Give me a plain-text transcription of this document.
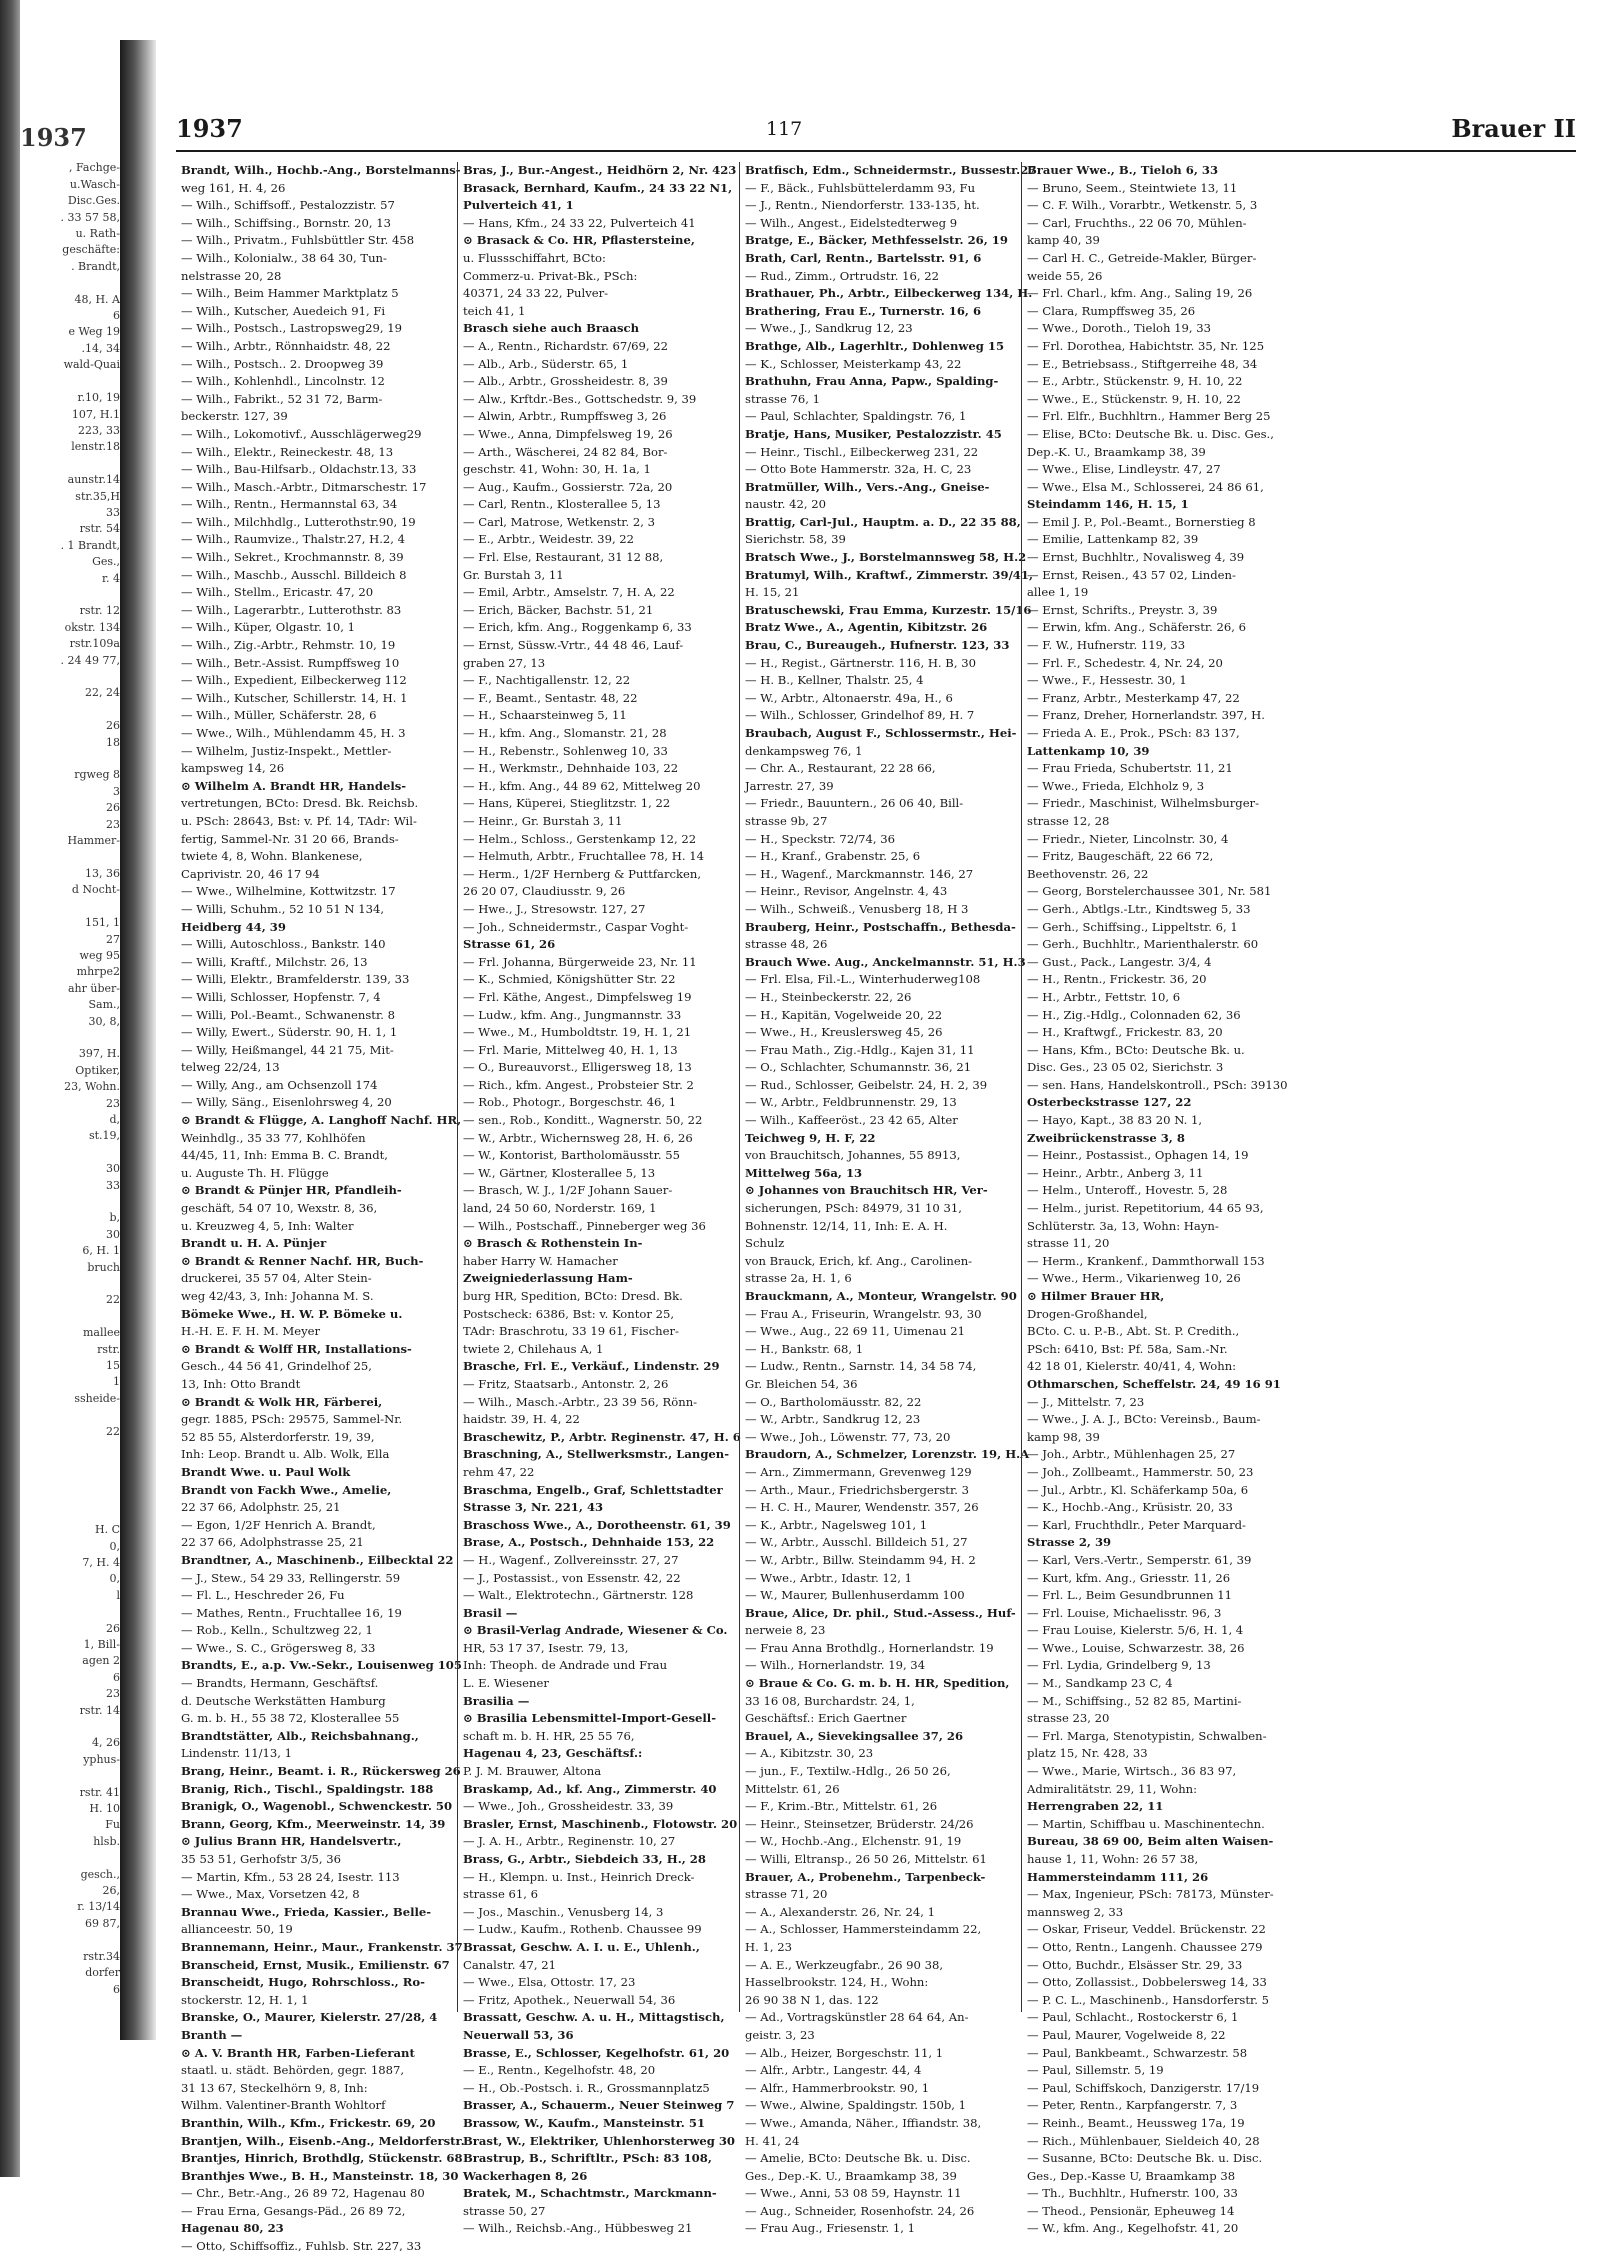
1937
, Fachge-
u.Wasch-
Disc.Ges.
. 33 57 58,
u. Rath-
geschäfte:
. Brandt,

48, H. A
6
e Weg 19
.14, 34
wald-Quai

r.10, 19
107, H.1
223, 33
lenstr.18

aunstr.14
str.35,H
33
rstr. 54
. 1 Brandt,
Ges.,
r. 4

rstr. 12
okstr. 134
rstr.109a
. 24 49 77,

22, 24

26
18

rgweg 8
3
26
23
Hammer-

13, 36
d Nocht-

151, 1
27
weg 95
mhrpe2
ahr über-
Sam.,
30, 8,

397, H.
Optiker,
23, Wohn.
23
d,
st.19,

30
33

b,
30
6, H. 1
bruch

22

mallee
rstr.
15
1
ssheide-

22

H. C
0,
7, H. 4
0,
l

26
1, Bill-
agen 2
6
23
rstr. 14

4, 26
yphus-

rstr. 41
H. 10
Fu
hlsb.

gesch.,
26,
r. 13/14
69 87,

rstr.34
dorfer
6
1937	117	Brauer II
Brandt, Wilh., Hochb.-Ang., Borstelmanns-
weg 161, H. 4, 26
— Wilh., Schiffsoff., Pestalozzistr. 57
— Wilh., Schiffsing., Bornstr. 20, 13
— Wilh., Privatm., Fuhlsbüttler Str. 458
— Wilh., Kolonialw., 38 64 30, Tun-
nelstrasse 20, 28
— Wilh., Beim Hammer Marktplatz 5
— Wilh., Kutscher, Auedeich 91, Fi
— Wilh., Postsch., Lastropsweg29, 19
— Wilh., Arbtr., Rönnhaidstr. 48, 22
— Wilh., Postsch.. 2. Droopweg 39
— Wilh., Kohlenhdl., Lincolnstr. 12
— Wilh., Fabrikt., 52 31 72, Barm-
beckerstr. 127, 39
— Wilh., Lokomotivf., Ausschlägerweg29
— Wilh., Elektr., Reineckestr. 48, 13
— Wilh., Bau-Hilfsarb., Oldachstr.13, 33
— Wilh., Masch.-Arbtr., Ditmarschestr. 17
— Wilh., Rentn., Hermannstal 63, 34
— Wilh., Milchhdlg., Lutterothstr.90, 19
— Wilh., Raumvize., Thalstr.27, H.2, 4
— Wilh., Sekret., Krochmannstr. 8, 39
— Wilh., Maschb., Ausschl. Billdeich 8
— Wilh., Stellm., Ericastr. 47, 20
— Wilh., Lagerarbtr., Lutterothstr. 83
— Wilh., Küper, Olgastr. 10, 1
— Wilh., Zig.-Arbtr., Rehmstr. 10, 19
— Wilh., Betr.-Assist. Rumpffsweg 10
— Wilh., Expedient, Eilbeckerweg 112
— Wilh., Kutscher, Schillerstr. 14, H. 1
— Wilh., Müller, Schäferstr. 28, 6
— Wwe., Wilh., Mühlendamm 45, H. 3
— Wilhelm, Justiz-Inspekt., Mettler-
kampsweg 14, 26
⊙ Wilhelm A. Brandt HR, Handels-
vertretungen, BCto: Dresd. Bk. Reichsb.
u. PSch: 28643, Bst: v. Pf. 14, TAdr: Wil-
fertig, Sammel-Nr. 31 20 66, Brands-
twiete 4, 8, Wohn. Blankenese,
Caprivistr. 20, 46 17 94
— Wwe., Wilhelmine, Kottwitzstr. 17
— Willi, Schuhm., 52 10 51 N 134,
Heidberg 44, 39
— Willi, Autoschloss., Bankstr. 140
— Willi, Kraftf., Milchstr. 26, 13
— Willi, Elektr., Bramfelderstr. 139, 33
— Willi, Schlosser, Hopfenstr. 7, 4
— Willi, Pol.-Beamt., Schwanenstr. 8
— Willy, Ewert., Süderstr. 90, H. 1, 1
— Willy, Heißmangel, 44 21 75, Mit-
telweg 22/24, 13
— Willy, Ang., am Ochsenzoll 174
— Willy, Säng., Eisenlohrsweg 4, 20
⊙ Brandt & Flügge, A. Langhoff Nachf. HR,
Weinhdlg., 35 33 77, Kohlhöfen
44/45, 11, Inh: Emma B. C. Brandt,
u. Auguste Th. H. Flügge
⊙ Brandt & Pünjer HR, Pfandleih-
geschäft, 54 07 10, Wexstr. 8, 36,
u. Kreuzweg 4, 5, Inh: Walter
Brandt u. H. A. Pünjer
⊙ Brandt & Renner Nachf. HR, Buch-
druckerei, 35 57 04, Alter Stein-
weg 42/43, 3, Inh: Johanna M. S.
Bömeke Wwe., H. W. P. Bömeke u.
H.-H. E. F. H. M. Meyer
⊙ Brandt & Wolff HR, Installations-
Gesch., 44 56 41, Grindelhof 25,
13, Inh: Otto Brandt
⊙ Brandt & Wolk HR, Färberei,
gegr. 1885, PSch: 29575, Sammel-Nr.
52 85 55, Alsterdorferstr. 19, 39,
Inh: Leop. Brandt u. Alb. Wolk, Ella
Brandt Wwe. u. Paul Wolk
Brandt von Fackh Wwe., Amelie,
22 37 66, Adolphstr. 25, 21
— Egon, 1/2F Henrich A. Brandt,
22 37 66, Adolphstrasse 25, 21
Brandtner, A., Maschinenb., Eilbecktal 22
— J., Stew., 54 29 33, Rellingerstr. 59
— Fl. L., Heschreder 26, Fu
— Mathes, Rentn., Fruchtallee 16, 19
— Rob., Kelln., Schultzweg 22, 1
— Wwe., S. C., Grögersweg 8, 33
Brandts, E., a.p. Vw.-Sekr., Louisenweg 105
— Brandts, Hermann, Geschäftsf.
d. Deutsche Werkstätten Hamburg
G. m. b. H., 55 38 72, Klosterallee 55
Brandtstätter, Alb., Reichsbahnang.,
Lindenstr. 11/13, 1
Brang, Heinr., Beamt. i. R., Rückersweg 26
Branig, Rich., Tischl., Spaldingstr. 188
Branigk, O., Wagenobl., Schwenckestr. 50
Brann, Georg, Kfm., Meerweinstr. 14, 39
⊙ Julius Brann HR, Handelsvertr.,
35 53 51, Gerhofstr 3/5, 36
— Martin, Kfm., 53 28 24, Isestr. 113
— Wwe., Max, Vorsetzen 42, 8
Brannau Wwe., Frieda, Kassier., Belle-
allianceestr. 50, 19
Brannemann, Heinr., Maur., Frankenstr. 37
Branscheid, Ernst, Musik., Emilienstr. 67
Branscheidt, Hugo, Rohrschloss., Ro-
stockerstr. 12, H. 1, 1
Branske, O., Maurer, Kielerstr. 27/28, 4
Branth —
⊙ A. V. Branth HR, Farben-Lieferant
staatl. u. städt. Behörden, gegr. 1887,
31 13 67, Steckelhörn 9, 8, Inh:
Wilhm. Valentiner-Branth Wohltorf
Branthin, Wilh., Kfm., Frickestr. 69, 20
Brantjen, Wilh., Eisenb.-Ang., Meldorferstr.
Brantjes, Hinrich, Brothdlg, Stückenstr. 68
Branthjes Wwe., B. H., Mansteinstr. 18, 30
— Chr., Betr.-Ang., 26 89 72, Hagenau 80
— Frau Erna, Gesangs-Päd., 26 89 72,
Hagenau 80, 23
— Otto, Schiffsoffiz., Fuhlsb. Str. 227, 33
Bras, J., Bur.-Angest., Heidhörn 2, Nr. 423
Brasack, Bernhard, Kaufm., 24 33 22 N1,
Pulverteich 41, 1
— Hans, Kfm., 24 33 22, Pulverteich 41
⊙ Brasack & Co. HR, Pflastersteine,
u. Flussschiffahrt, BCto:
Commerz-u. Privat-Bk., PSch:
40371, 24 33 22, Pulver-
teich 41, 1
Brasch siehe auch Braasch
— A., Rentn., Richardstr. 67/69, 22
— Alb., Arb., Süderstr. 65, 1
— Alb., Arbtr., Grossheidestr. 8, 39
— Alw., Krftdr.-Bes., Gottschedstr. 9, 39
— Alwin, Arbtr., Rumpffsweg 3, 26
— Wwe., Anna, Dimpfelsweg 19, 26
— Arth., Wäscherei, 24 82 84, Bor-
geschstr. 41, Wohn: 30, H. 1a, 1
— Aug., Kaufm., Gossierstr. 72a, 20
— Carl, Rentn., Klosterallee 5, 13
— Carl, Matrose, Wetkenstr. 2, 3
— E., Arbtr., Weidestr. 39, 22
— Frl. Else, Restaurant, 31 12 88,
Gr. Burstah 3, 11
— Emil, Arbtr., Amselstr. 7, H. A, 22
— Erich, Bäcker, Bachstr. 51, 21
— Erich, kfm. Ang., Roggenkamp 6, 33
— Ernst, Süssw.-Vrtr., 44 48 46, Lauf-
graben 27, 13
— F., Nachtigallenstr. 12, 22
— F., Beamt., Sentastr. 48, 22
— H., Schaarsteinweg 5, 11
— H., kfm. Ang., Slomanstr. 21, 28
— H., Rebenstr., Sohlenweg 10, 33
— H., Werkmstr., Dehnhaide 103, 22
— H., kfm. Ang., 44 89 62, Mittelweg 20
— Hans, Küperei, Stieglitzstr. 1, 22
— Heinr., Gr. Burstah 3, 11
— Helm., Schloss., Gerstenkamp 12, 22
— Helmuth, Arbtr., Fruchtallee 78, H. 14
— Herm., 1/2F Hernberg & Puttfarcken,
26 20 07, Claudiusstr. 9, 26
— Hwe., J., Stresowstr. 127, 27
— Joh., Schneidermstr., Caspar Voght-
Strasse 61, 26
— Frl. Johanna, Bürgerweide 23, Nr. 11
— K., Schmied, Königshütter Str. 22
— Frl. Käthe, Angest., Dimpfelsweg 19
— Ludw., kfm. Ang., Jungmannstr. 33
— Wwe., M., Humboldtstr. 19, H. 1, 21
— Frl. Marie, Mittelweg 40, H. 1, 13
— O., Bureauvorst., Elligersweg 18, 13
— Rich., kfm. Angest., Probsteier Str. 2
— Rob., Photogr., Borgeschstr. 46, 1
— sen., Rob., Konditt., Wagnerstr. 50, 22
— W., Arbtr., Wichernsweg 28, H. 6, 26
— W., Kontorist, Bartholomäusstr. 55
— W., Gärtner, Klosterallee 5, 13
— Brasch, W. J., 1/2F Johann Sauer-
land, 24 50 60, Norderstr. 169, 1
— Wilh., Postschaff., Pinneberger weg 36
⊙ Brasch & Rothenstein In-
haber Harry W. Hamacher
Zweigniederlassung Ham-
burg HR, Spedition, BCto: Dresd. Bk.
Postscheck: 6386, Bst: v. Kontor 25,
TAdr: Braschrotu, 33 19 61, Fischer-
twiete 2, Chilehaus A, 1
Brasche, Frl. E., Verkäuf., Lindenstr. 29
— Fritz, Staatsarb., Antonstr. 2, 26
— Wilh., Masch.-Arbtr., 23 39 56, Rönn-
haidstr. 39, H. 4, 22
Braschewitz, P., Arbtr. Reginenstr. 47, H. 6
Braschning, A., Stellwerksmstr., Langen-
rehm 47, 22
Braschma, Engelb., Graf, Schlettstadter
Strasse 3, Nr. 221, 43
Braschoss Wwe., A., Dorotheenstr. 61, 39
Brase, A., Postsch., Dehnhaide 153, 22
— H., Wagenf., Zollvereinsstr. 27, 27
— J., Postassist., von Essenstr. 42, 22
— Walt., Elektrotechn., Gärtnerstr. 128
Brasil —
⊙ Brasil-Verlag Andrade, Wiesener & Co.
HR, 53 17 37, Isestr. 79, 13,
Inh: Theoph. de Andrade und Frau
L. E. Wiesener
Brasilia —
⊙ Brasilia Lebensmittel-Import-Gesell-
schaft m. b. H. HR, 25 55 76,
Hagenau 4, 23, Geschäftsf.:
P. J. M. Brauwer, Altona
Braskamp, Ad., kf. Ang., Zimmerstr. 40
— Wwe., Joh., Grossheidestr. 33, 39
Brasler, Ernst, Maschinenb., Flotowstr. 20
— J. A. H., Arbtr., Reginenstr. 10, 27
Brass, G., Arbtr., Siebdeich 33, H., 28
— H., Klempn. u. Inst., Heinrich Dreck-
strasse 61, 6
— Jos., Maschin., Venusberg 14, 3
— Ludw., Kaufm., Rothenb. Chaussee 99
Brassat, Geschw. A. I. u. E., Uhlenh.,
Canalstr. 47, 21
— Wwe., Elsa, Ottostr. 17, 23
— Fritz, Apothek., Neuerwall 54, 36
Brassatt, Geschw. A. u. H., Mittagstisch,
Neuerwall 53, 36
Brasse, E., Schlosser, Kegelhofstr. 61, 20
— E., Rentn., Kegelhofstr. 48, 20
— H., Ob.-Postsch. i. R., Grossmannplatz5
Brasser, A., Schauerm., Neuer Steinweg 7
Brassow, W., Kaufm., Mansteinstr. 51
Brast, W., Elektriker, Uhlenhorsterweg 30
Brastrup, B., Schriftltr., PSch: 83 108,
Wackerhagen 8, 26
Bratek, M., Schachtmstr., Marckmann-
strasse 50, 27
— Wilh., Reichsb.-Ang., Hübbesweg 21
Bratfisch, Edm., Schneidermstr., Bussestr.27
— F., Bäck., Fuhlsbüttelerdamm 93, Fu
— J., Rentn., Niendorferstr. 133-135, ht.
— Wilh., Angest., Eidelstedterweg 9
Bratge, E., Bäcker, Methfesselstr. 26, 19
Brath, Carl, Rentn., Bartelsstr. 91, 6
— Rud., Zimm., Ortrudstr. 16, 22
Brathauer, Ph., Arbtr., Eilbeckerweg 134, H.
Brathering, Frau E., Turnerstr. 16, 6
— Wwe., J., Sandkrug 12, 23
Brathge, Alb., Lagerhltr., Dohlenweg 15
— K., Schlosser, Meisterkamp 43, 22
Brathuhn, Frau Anna, Papw., Spalding-
strasse 76, 1
— Paul, Schlachter, Spaldingstr. 76, 1
Bratje, Hans, Musiker, Pestalozzistr. 45
— Heinr., Tischl., Eilbeckerweg 231, 22
— Otto Bote Hammerstr. 32a, H. C, 23
Bratmüller, Wilh., Vers.-Ang., Gneise-
naustr. 42, 20
Brattig, Carl-Jul., Hauptm. a. D., 22 35 88,
Sierichstr. 58, 39
Bratsch Wwe., J., Borstelmannsweg 58, H.2
Bratumyl, Wilh., Kraftwf., Zimmerstr. 39/41,
H. 15, 21
Bratuschewski, Frau Emma, Kurzestr. 15/16
Bratz Wwe., A., Agentin, Kibitzstr. 26
Brau, C., Bureaugeh., Hufnerstr. 123, 33
— H., Regist., Gärtnerstr. 116, H. B, 30
— H. B., Kellner, Thalstr. 25, 4
— W., Arbtr., Altonaerstr. 49a, H., 6
— Wilh., Schlosser, Grindelhof 89, H. 7
Braubach, August F., Schlossermstr., Hei-
denkampsweg 76, 1
— Chr. A., Restaurant, 22 28 66,
Jarrestr. 27, 39
— Friedr., Bauuntern., 26 06 40, Bill-
strasse 9b, 27
— H., Speckstr. 72/74, 36
— H., Kranf., Grabenstr. 25, 6
— H., Wagenf., Marckmannstr. 146, 27
— Heinr., Revisor, Angelnstr. 4, 43
— Wilh., Schweiß., Venusberg 18, H 3
Brauberg, Heinr., Postschaffn., Bethesda-
strasse 48, 26
Brauch Wwe. Aug., Anckelmannstr. 51, H.3
— Frl. Elsa, Fil.-L., Winterhuderweg108
— H., Steinbeckerstr. 22, 26
— H., Kapitän, Vogelweide 20, 22
— Wwe., H., Kreuslersweg 45, 26
— Frau Math., Zig.-Hdlg., Kajen 31, 11
— O., Schlachter, Schumannstr. 36, 21
— Rud., Schlosser, Geibelstr. 24, H. 2, 39
— W., Arbtr., Feldbrunnenstr. 29, 13
— Wilh., Kaffeeröst., 23 42 65, Alter
Teichweg 9, H. F, 22
von Brauchitsch, Johannes, 55 8913,
Mittelweg 56a, 13
⊙ Johannes von Brauchitsch HR, Ver-
sicherungen, PSch: 84979, 31 10 31,
Bohnenstr. 12/14, 11, Inh: E. A. H.
Schulz
von Brauck, Erich, kf. Ang., Carolinen-
strasse 2a, H. 1, 6
Brauckmann, A., Monteur, Wrangelstr. 90
— Frau A., Friseurin, Wrangelstr. 93, 30
— Wwe., Aug., 22 69 11, Uimenau 21
— H., Bankstr. 68, 1
— Ludw., Rentn., Sarnstr. 14, 34 58 74,
Gr. Bleichen 54, 36
— O., Bartholomäusstr. 82, 22
— W., Arbtr., Sandkrug 12, 23
— Wwe., Joh., Löwenstr. 77, 73, 20
Braudorn, A., Schmelzer, Lorenzstr. 19, H.A
— Arn., Zimmermann, Grevenweg 129
— Arth., Maur., Friedrichsbergerstr. 3
— H. C. H., Maurer, Wendenstr. 357, 26
— K., Arbtr., Nagelsweg 101, 1
— W., Arbtr., Ausschl. Billdeich 51, 27
— W., Arbtr., Billw. Steindamm 94, H. 2
— Wwe., Arbtr., Idastr. 12, 1
— W., Maurer, Bullenhuserdamm 100
Braue, Alice, Dr. phil., Stud.-Assess., Huf-
nerweie 8, 23
— Frau Anna Brothdlg., Hornerlandstr. 19
— Wilh., Hornerlandstr. 19, 34
⊙ Braue & Co. G. m. b. H. HR, Spedition,
33 16 08, Burchardstr. 24, 1,
Geschäftsf.: Erich Gaertner
Brauel, A., Sievekingsallee 37, 26
— A., Kibitzstr. 30, 23
— jun., F., Textilw.-Hdlg., 26 50 26,
Mittelstr. 61, 26
— F., Krim.-Btr., Mittelstr. 61, 26
— Heinr., Steinsetzer, Brüderstr. 24/26
— W., Hochb.-Ang., Elchenstr. 91, 19
— Willi, Eltransp., 26 50 26, Mittelstr. 61
Brauer, A., Probenehm., Tarpenbeck-
strasse 71, 20
— A., Alexanderstr. 26, Nr. 24, 1
— A., Schlosser, Hammersteindamm 22,
H. 1, 23
— A. E., Werkzeugfabr., 26 90 38,
Hasselbrookstr. 124, H., Wohn:
26 90 38 N 1, das. 122
— Ad., Vortragskünstler 28 64 64, An-
geistr. 3, 23
— Alb., Heizer, Borgeschstr. 11, 1
— Alfr., Arbtr., Langestr. 44, 4
— Alfr., Hammerbrookstr. 90, 1
— Wwe., Alwine, Spaldingstr. 150b, 1
— Wwe., Amanda, Näher., Iffiandstr. 38,
H. 41, 24
— Amelie, BCto: Deutsche Bk. u. Disc.
Ges., Dep.-K. U., Braamkamp 38, 39
— Wwe., Anni, 53 08 59, Haynstr. 11
— Aug., Schneider, Rosenhofstr. 24, 26
— Frau Aug., Friesenstr. 1, 1
Brauer Wwe., B., Tieloh 6, 33
— Bruno, Seem., Steintwiete 13, 11
— C. F. Wilh., Vorarbtr., Wetkenstr. 5, 3
— Carl, Fruchths., 22 06 70, Mühlen-
kamp 40, 39
— Carl H. C., Getreide-Makler, Bürger-
weide 55, 26
— Frl. Charl., kfm. Ang., Saling 19, 26
— Clara, Rumpffsweg 35, 26
— Wwe., Doroth., Tieloh 19, 33
— Frl. Dorothea, Habichtstr. 35, Nr. 125
— E., Betriebsass., Stiftgerreihe 48, 34
— E., Arbtr., Stückenstr. 9, H. 10, 22
— Wwe., E., Stückenstr. 9, H. 10, 22
— Frl. Elfr., Buchhltrn., Hammer Berg 25
— Elise, BCto: Deutsche Bk. u. Disc. Ges.,
Dep.-K. U., Braamkamp 38, 39
— Wwe., Elise, Lindleystr. 47, 27
— Wwe., Elsa M., Schlosserei, 24 86 61,
Steindamm 146, H. 15, 1
— Emil J. P., Pol.-Beamt., Bornerstieg 8
— Emilie, Lattenkamp 82, 39
— Ernst, Buchhltr., Novalisweg 4, 39
— Ernst, Reisen., 43 57 02, Linden-
allee 1, 19
— Ernst, Schrifts., Preystr. 3, 39
— Erwin, kfm. Ang., Schäferstr. 26, 6
— F. W., Hufnerstr. 119, 33
— Frl. F., Schedestr. 4, Nr. 24, 20
— Wwe., F., Hessestr. 30, 1
— Franz, Arbtr., Mesterkamp 47, 22
— Franz, Dreher, Hornerlandstr. 397, H.
— Frieda A. E., Prok., PSch: 83 137,
Lattenkamp 10, 39
— Frau Frieda, Schubertstr. 11, 21
— Wwe., Frieda, Elchholz 9, 3
— Friedr., Maschinist, Wilhelmsburger-
strasse 12, 28
— Friedr., Nieter, Lincolnstr. 30, 4
— Fritz, Baugeschäft, 22 66 72,
Beethovenstr. 26, 22
— Georg, Borstelerchaussee 301, Nr. 581
— Gerh., Abtlgs.-Ltr., Kindtsweg 5, 33
— Gerh., Schiffsing., Lippeltstr. 6, 1
— Gerh., Buchhltr., Marienthalerstr. 60
— Gust., Pack., Langestr. 3/4, 4
— H., Rentn., Frickestr. 36, 20
— H., Arbtr., Fettstr. 10, 6
— H., Zig.-Hdlg., Colonnaden 62, 36
— H., Kraftwgf., Frickestr. 83, 20
— Hans, Kfm., BCto: Deutsche Bk. u.
Disc. Ges., 23 05 02, Sierichstr. 3
— sen. Hans, Handelskontroll., PSch: 39130
Osterbeckstrasse 127, 22
— Hayo, Kapt., 38 83 20 N. 1,
Zweibrückenstrasse 3, 8
— Heinr., Postassist., Ophagen 14, 19
— Heinr., Arbtr., Anberg 3, 11
— Helm., Unteroff., Hovestr. 5, 28
— Helm., jurist. Repetitorium, 44 65 93,
Schlüterstr. 3a, 13, Wohn: Hayn-
strasse 11, 20
— Herm., Krankenf., Dammthorwall 153
— Wwe., Herm., Vikarienweg 10, 26
⊙ Hilmer Brauer HR,
Drogen-Großhandel,
BCto. C. u. P.-B., Abt. St. P. Credith.,
PSch: 6410, Bst: Pf. 58a, Sam.-Nr.
42 18 01, Kielerstr. 40/41, 4, Wohn:
Othmarschen, Scheffelstr. 24, 49 16 91
— J., Mittelstr. 7, 23
— Wwe., J. A. J., BCto: Vereinsb., Baum-
kamp 98, 39
— Joh., Arbtr., Mühlenhagen 25, 27
— Joh., Zollbeamt., Hammerstr. 50, 23
— Jul., Arbtr., Kl. Schäferkamp 50a, 6
— K., Hochb.-Ang., Krüsistr. 20, 33
— Karl, Fruchthdlr., Peter Marquard-
Strasse 2, 39
— Karl, Vers.-Vertr., Semperstr. 61, 39
— Kurt, kfm. Ang., Griesstr. 11, 26
— Frl. L., Beim Gesundbrunnen 11
— Frl. Louise, Michaelisstr. 96, 3
— Frau Louise, Kielerstr. 5/6, H. 1, 4
— Wwe., Louise, Schwarzestr. 38, 26
— Frl. Lydia, Grindelberg 9, 13
— M., Sandkamp 23 C, 4
— M., Schiffsing., 52 82 85, Martini-
strasse 23, 20
— Frl. Marga, Stenotypistin, Schwalben-
platz 15, Nr. 428, 33
— Wwe., Marie, Wirtsch., 36 83 97,
Admiralitätstr. 29, 11, Wohn:
Herrengraben 22, 11
— Martin, Schiffbau u. Maschinentechn.
Bureau, 38 69 00, Beim alten Waisen-
hause 1, 11, Wohn: 26 57 38,
Hammersteindamm 111, 26
— Max, Ingenieur, PSch: 78173, Münster-
mannsweg 2, 33
— Oskar, Friseur, Veddel. Brückenstr. 22
— Otto, Rentn., Langenh. Chaussee 279
— Otto, Buchdr., Elsässer Str. 29, 33
— Otto, Zollassist., Dobbelersweg 14, 33
— P. C. L., Maschinenb., Hansdorferstr. 5
— Paul, Schlacht., Rostockerstr 6, 1
— Paul, Maurer, Vogelweide 8, 22
— Paul, Bankbeamt., Schwarzestr. 58
— Paul, Sillemstr. 5, 19
— Paul, Schiffskoch, Danzigerstr. 17/19
— Peter, Rentn., Karpfangerstr. 7, 3
— Reinh., Beamt., Heussweg 17a, 19
— Rich., Mühlenbauer, Sieldeich 40, 28
— Susanne, BCto: Deutsche Bk. u. Disc.
Ges., Dep.-Kasse U, Braamkamp 38
— Th., Buchhltr., Hufnerstr. 100, 33
— Theod., Pensionär, Epheuweg 14
— W., kfm. Ang., Kegelhofstr. 41, 20
